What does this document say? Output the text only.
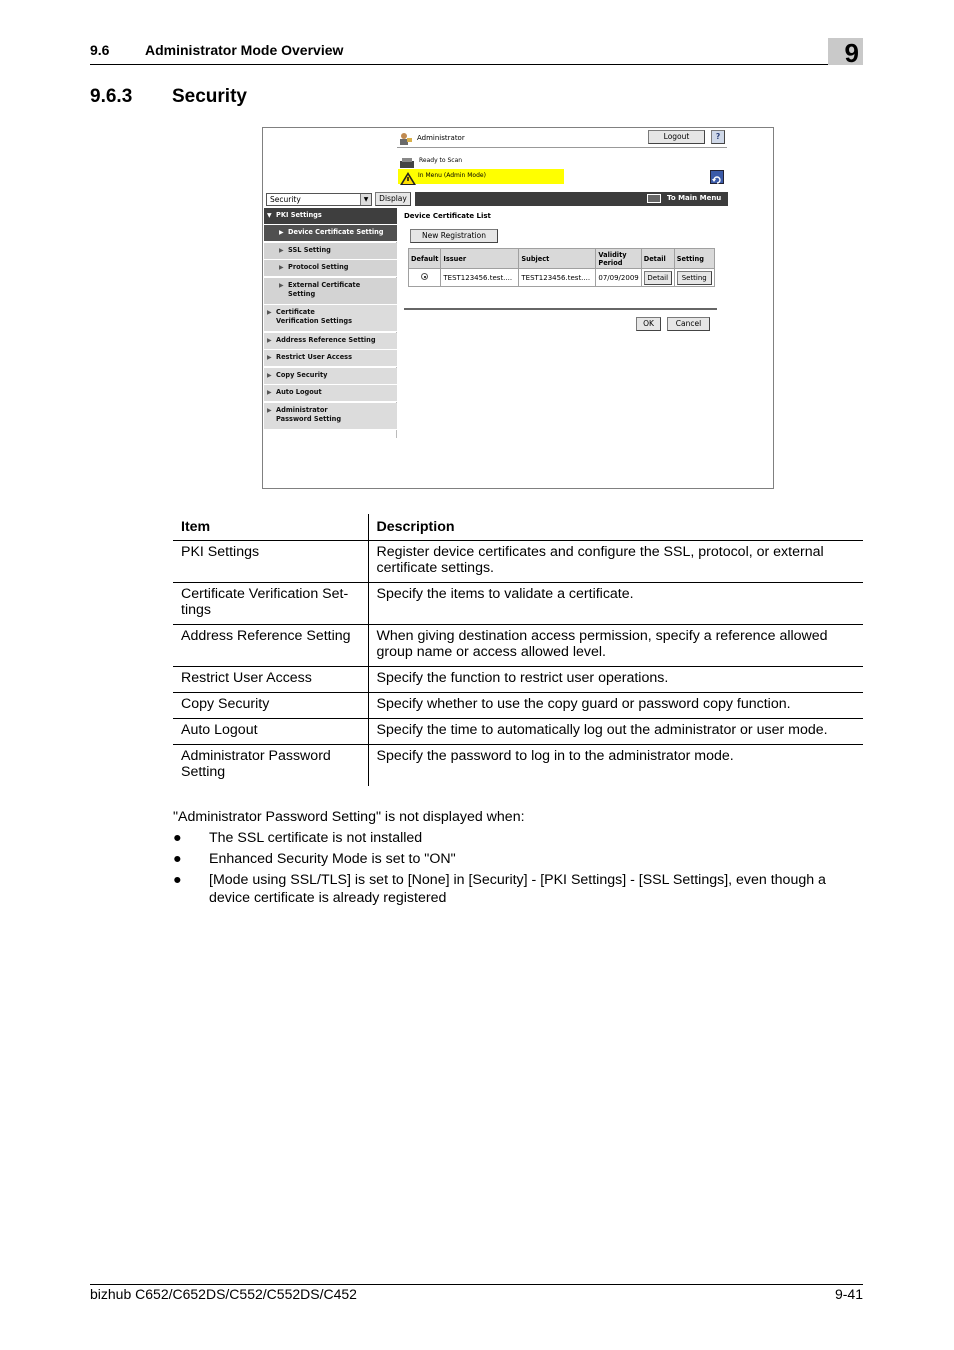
9.6	Administrator Mode Overview	9
9.6.3 Security
Administrator	Logout	?
Ready to Scan
In Menu (Admin Mode)
Security	▼	Display	To Main Menu
▼ PKI Settings
▶ Device Certificate Setting
▶ SSL Setting
▶ Protocol Setting
▶ External Certificate Setting
▶ Certificate Verification Settings
▶ Address Reference Setting
▶ Restrict User Access
▶ Copy Security
▶ Auto Logout
▶ Administrator Password Setting
Device Certificate List
New Registration
Default	Issuer	Subject	Validity Period	Detail	Setting

	TEST123456.test....	TEST123456.test....	07/09/2009	Detail	Setting
OK	Cancel
Item	Description
PKI Settings	Register device certificates and configure the SSL, protocol, or external certificate settings.
Certificate Verification Set-tings	Specify the items to validate a certificate.
Address Reference Setting	When giving destination access permission, specify a reference allowed group name or access allowed level.
Restrict User Access	Specify the function to restrict user operations.
Copy Security	Specify whether to use the copy guard or password copy function.
Auto Logout	Specify the time to automatically log out the administrator or user mode.
Administrator Password Setting	Specify the password to log in to the administrator mode.
"Administrator Password Setting" is not displayed when:
● The SSL certificate is not installed
● Enhanced Security Mode is set to "ON"
● [Mode using SSL/TLS] is set to [None] in [Security] - [PKI Settings] - [SSL Settings], even though a device certificate is already registered
bizhub C652/C652DS/C552/C552DS/C452	9-41
